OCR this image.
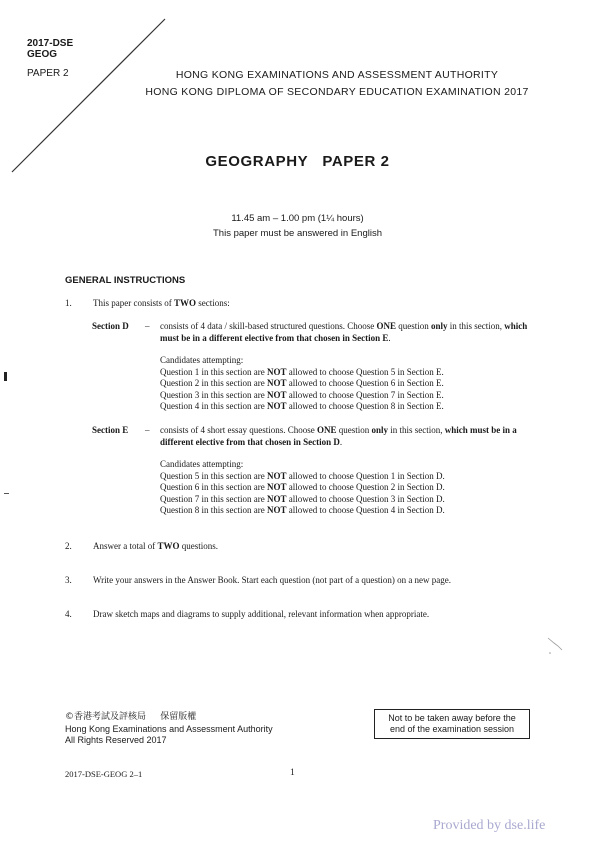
2017-DSE
GEOG
PAPER 2	HONG KONG EXAMINATIONS AND ASSESSMENT AUTHORITY
HONG KONG DIPLOMA OF SECONDARY EDUCATION EXAMINATION 2017
GEOGRAPHY   PAPER 2
11.45 am – 1.00 pm (1¼ hours)
This paper must be answered in English
GENERAL INSTRUCTIONS
1. This paper consists of TWO sections:
Section D – consists of 4 data / skill-based structured questions. Choose ONE question only in this section, which must be in a different elective from that chosen in Section E.
Candidates attempting:
Question 1 in this section are NOT allowed to choose Question 5 in Section E.
Question 2 in this section are NOT allowed to choose Question 6 in Section E.
Question 3 in this section are NOT allowed to choose Question 7 in Section E.
Question 4 in this section are NOT allowed to choose Question 8 in Section E.
Section E – consists of 4 short essay questions. Choose ONE question only in this section, which must be in a different elective from that chosen in Section D.
Candidates attempting:
Question 5 in this section are NOT allowed to choose Question 1 in Section D.
Question 6 in this section are NOT allowed to choose Question 2 in Section D.
Question 7 in this section are NOT allowed to choose Question 3 in Section D.
Question 8 in this section are NOT allowed to choose Question 4 in Section D.
2. Answer a total of TWO questions.
3. Write your answers in the Answer Book. Start each question (not part of a question) on a new page.
4. Draw sketch maps and diagrams to supply additional, relevant information when appropriate.
©香港考試及評核局     保留版權
Hong Kong Examinations and Assessment Authority
All Rights Reserved 2017
Not to be taken away before the
end of the examination session
2017-DSE-GEOG 2–1	1
Provided by dse.life
